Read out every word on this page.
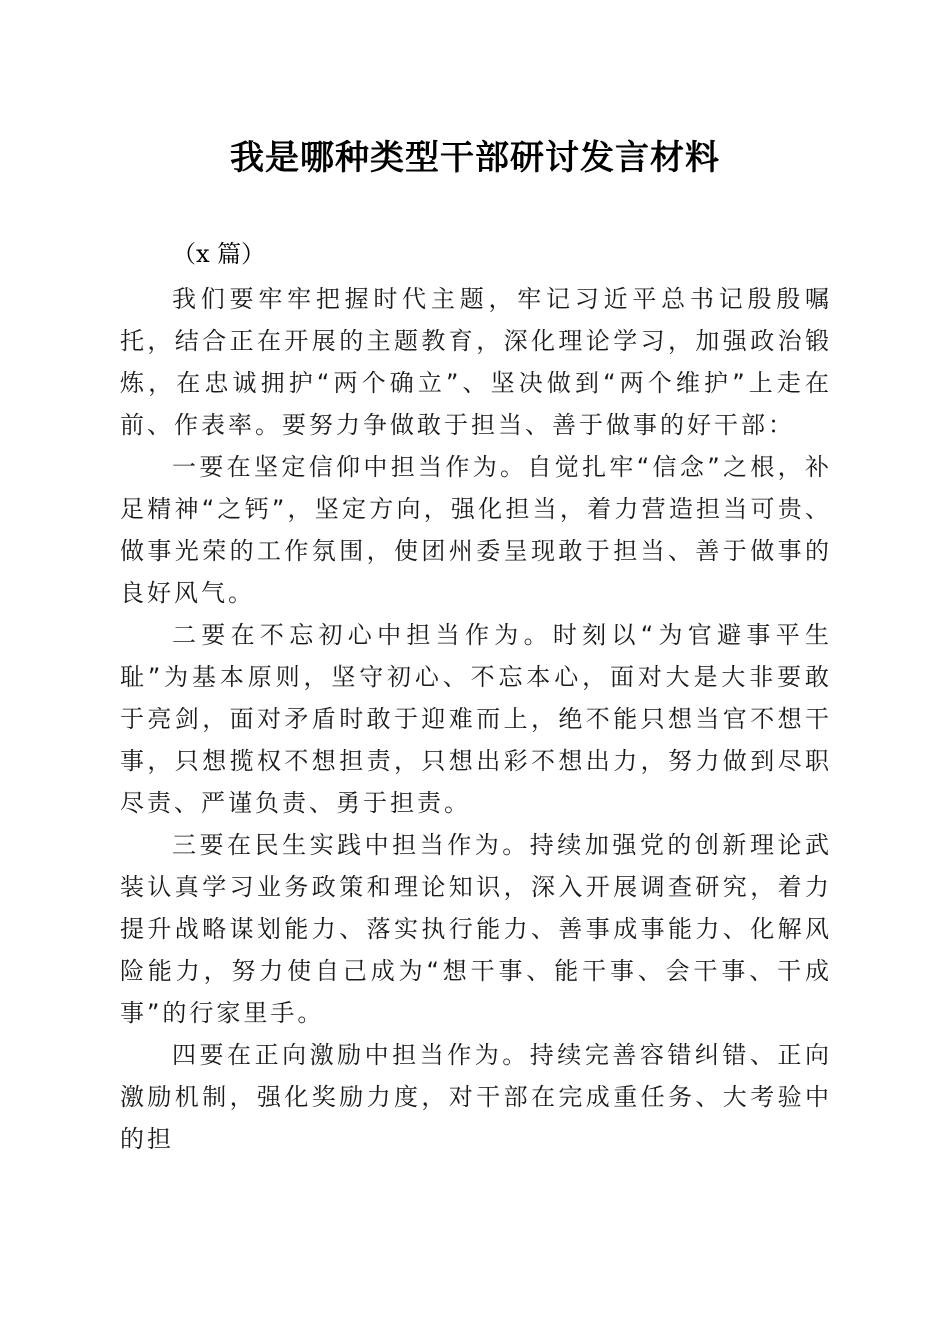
我是哪种类型干部研讨发言材料
（x 篇）

我们要牢牢把握时代主题，牢记习近平总书记殷殷嘱托，结合正在开展的主题教育，深化理论学习，加强政治锻炼，在忠诚拥护“两个确立”、坚决做到“两个维护”上走在前、作表率。要努力争做敢于担当、善于做事的好干部：

一要在坚定信仰中担当作为。自觉扎牢“信念”之根，补足精神“之钙”，坚定方向，强化担当，着力营造担当可贵、做事光荣的工作氛围，使团州委呈现敢于担当、善于做事的良好风气。

二要在不忘初心中担当作为。时刻以“为官避事平生耻”为基本原则，坚守初心、不忘本心，面对大是大非要敢于亮剑，面对矛盾时敢于迎难而上，绝不能只想当官不想干事，只想揽权不想担责，只想出彩不想出力，努力做到尽职尽责、严谨负责、勇于担责。

三要在民生实践中担当作为。持续加强党的创新理论武装认真学习业务政策和理论知识，深入开展调查研究，着力提升战略谋划能力、落实执行能力、善事成事能力、化解风险能力，努力使自己成为“想干事、能干事、会干事、干成事”的行家里手。

四要在正向激励中担当作为。持续完善容错纠错、正向激励机制，强化奖励力度，对干部在完成重任务、大考验中的担
